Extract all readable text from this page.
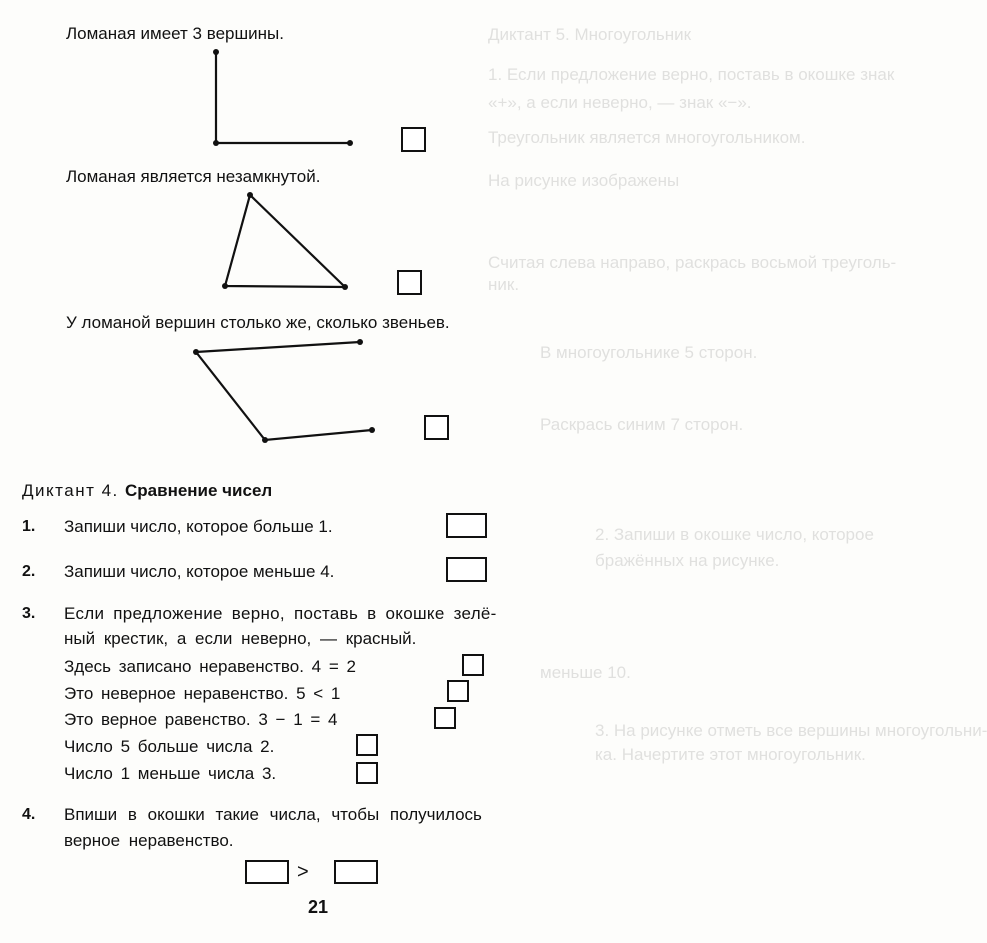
Диктант 5. Многоугольник
1. Если предложение верно, поставь в окошке знак
«+», а если неверно, — знак «−».
Треугольник является многоугольником.
На рисунке изображены
Считая слева направо, раскрась восьмой треуголь-
ник.
В многоугольнике 5 сторон.
Раскрась синим 7 сторон.
2. Запиши в окошке число, которое
бражённых на рисунке.
меньше 10.
3. На рисунке отметь все вершины многоугольни-
ка. Начертите этот многоугольник.
Ломаная имеет 3 вершины.
Ломаная является незамкнутой.
У ломаной вершин столько же, сколько звеньев.
Диктант 4. Сравнение чисел
1. Запиши число, которое больше 1.
2. Запиши число, которое меньше 4.
3. Если предложение верно, поставь в окошке зелё-
ный крестик, а если неверно, — красный.
Здесь записано неравенство. 4 = 2
Это неверное неравенство. 5 < 1
Это верное равенство. 3 − 1 = 4
Число 5 больше числа 2.
Число 1 меньше числа 3.
4. Впиши в окошки такие числа, чтобы получилось
верное неравенство.
>
21
